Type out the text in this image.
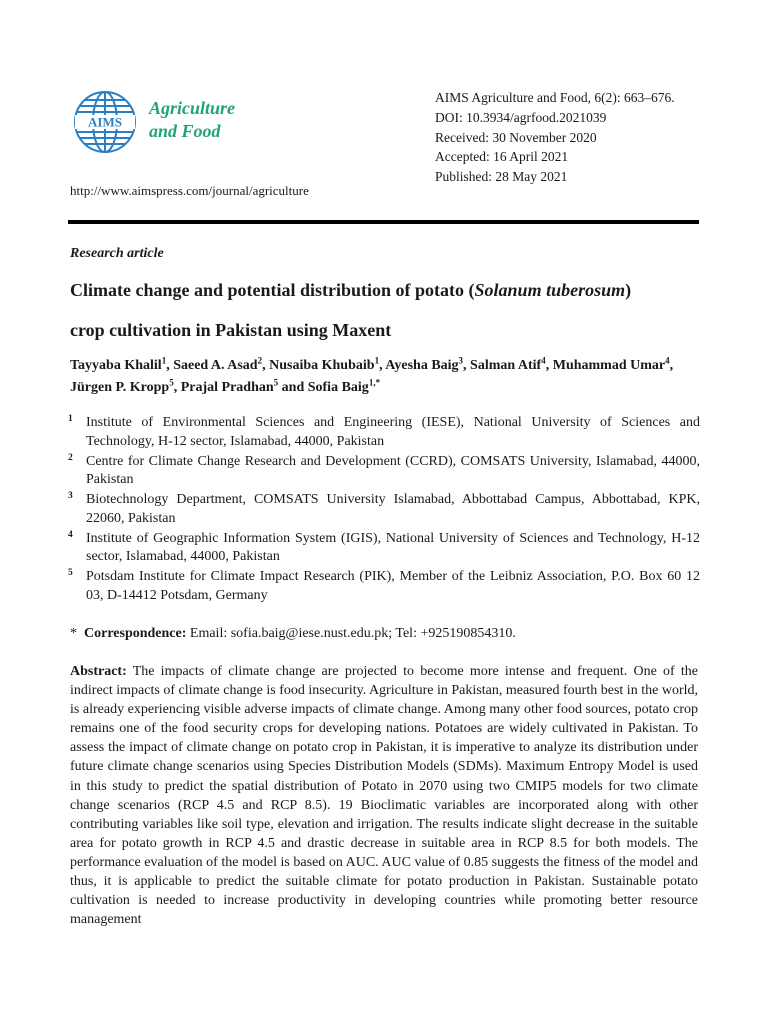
AIMS
Agriculture
and Food
http://www.aimspress.com/journal/agriculture
AIMS Agriculture and Food, 6(2): 663–676.
DOI: 10.3934/agrfood.2021039
Received: 30 November 2020
Accepted: 16 April 2021
Published: 28 May 2021
Research article
Climate change and potential distribution of potato (Solanum tuberosum)
crop cultivation in Pakistan using Maxent
Tayyaba Khalil$^1$, Saeed A. Asad$^2$, Nusaiba Khubaib$^1$, Ayesha Baig$^3$, Salman Atif$^4$, Muhammad Umar$^4$, Jürgen P. Kropp$^5$, Prajal Pradhan$^5$ and Sofia Baig$^{1,*}$
1 Institute of Environmental Sciences and Engineering (IESE), National University of Sciences and Technology, H-12 sector, Islamabad, 44000, Pakistan
2 Centre for Climate Change Research and Development (CCRD), COMSATS University, Islamabad, 44000, Pakistan
3 Biotechnology Department, COMSATS University Islamabad, Abbottabad Campus, Abbottabad, KPK, 22060, Pakistan
4 Institute of Geographic Information System (IGIS), National University of Sciences and Technology, H-12 sector, Islamabad, 44000, Pakistan
5 Potsdam Institute for Climate Impact Research (PIK), Member of the Leibniz Association, P.O. Box 60 12 03, D-14412 Potsdam, Germany
* Correspondence: Email: sofia.baig@iese.nust.edu.pk; Tel: +925190854310.
Abstract: The impacts of climate change are projected to become more intense and frequent. One of the indirect impacts of climate change is food insecurity. Agriculture in Pakistan, measured fourth best in the world, is already experiencing visible adverse impacts of climate change. Among many other food sources, potato crop remains one of the food security crops for developing nations. Potatoes are widely cultivated in Pakistan. To assess the impact of climate change on potato crop in Pakistan, it is imperative to analyze its distribution under future climate change scenarios using Species Distribution Models (SDMs). Maximum Entropy Model is used in this study to predict the spatial distribution of Potato in 2070 using two CMIP5 models for two climate change scenarios (RCP 4.5 and RCP 8.5). 19 Bioclimatic variables are incorporated along with other contributing variables like soil type, elevation and irrigation. The results indicate slight decrease in the suitable area for potato growth in RCP 4.5 and drastic decrease in suitable area in RCP 8.5 for both models. The performance evaluation of the model is based on AUC. AUC value of 0.85 suggests the fitness of the model and thus, it is applicable to predict the suitable climate for potato production in Pakistan. Sustainable potato cultivation is needed to increase productivity in developing countries while promoting better resource management
